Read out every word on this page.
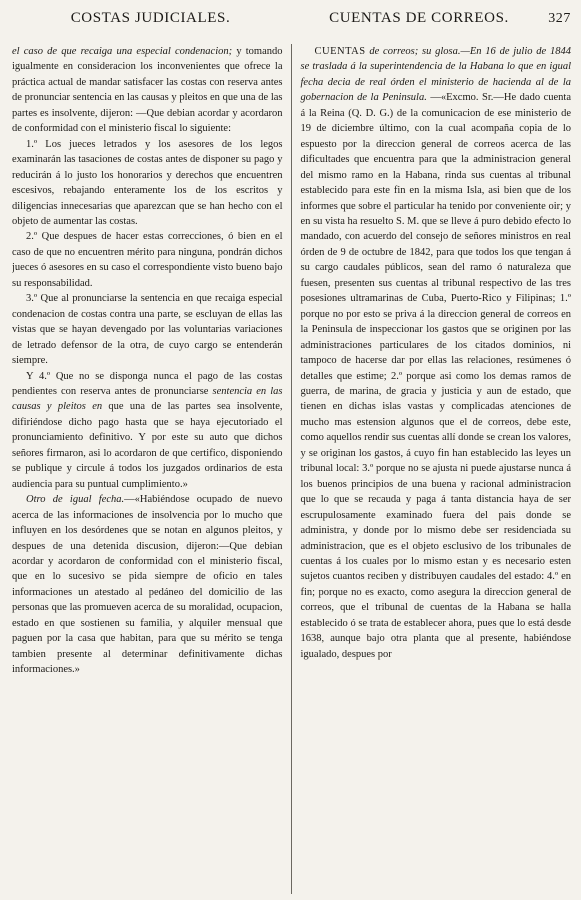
COSTAS JUDICIALES.	CUENTAS DE CORREOS.	327

el caso de que recaiga una especial condenacion; y tomando igualmente en consideracion los inconvenientes que ofrece la práctica actual de mandar satisfacer las costas con reserva antes de pronunciar sentencia en las causas y pleitos en que una de las partes es insolvente, dijeron: —Que debian acordar y acordaron de conformidad con el ministerio fiscal lo siguiente:

1.º Los jueces letrados y los asesores de los legos examinarán las tasaciones de costas antes de disponer su pago y reducirán á lo justo los honorarios y derechos que encuentren escesivos, rebajando enteramente los de los escritos y diligencias innecesarias que aparezcan que se han hecho con el objeto de aumentar las costas.

2.º Que despues de hacer estas correcciones, ó bien en el caso de que no encuentren mérito para ninguna, pondrán dichos jueces ó asesores en su caso el correspondiente visto bueno bajo su responsabilidad.

3.º Que al pronunciarse la sentencia en que recaiga especial condenacion de costas contra una parte, se escluyan de ellas las vistas que se hayan devengado por las voluntarias variaciones de letrado defensor de la otra, de cuyo cargo se entenderán siempre.

Y 4.º Que no se disponga nunca el pago de las costas pendientes con reserva antes de pronunciarse sentencia en las causas y pleitos en que una de las partes sea insolvente, difiriéndose dicho pago hasta que se haya ejecutoriado el pronunciamiento definitivo. Y por este su auto que dichos señores firmaron, asi lo acordaron de que certifico, disponiendo se publique y circule á todos los juzgados ordinarios de esta audiencia para su puntual cumplimiento.»

Otro de igual fecha.—«Habiéndose ocupado de nuevo acerca de las informaciones de insolvencia por lo mucho que influyen en los desórdenes que se notan en algunos pleitos, y despues de una detenida discusion, dijeron:—Que debian acordar y acordaron de conformidad con el ministerio fiscal, que en lo sucesivo se pida siempre de oficio en tales informaciones un atestado al pedáneo del domicilio de las personas que las promueven acerca de su moralidad, ocupacion, estado en que sostienen su familia, y alquiler mensual que paguen por la casa que habitan, para que su mérito se tenga tambien presente al determinar definitivamente dichas informaciones.»

CUENTAS de correos; su glosa.—En 16 de julio de 1844 se traslada á la superintendencia de la Habana lo que en igual fecha decia de real órden el ministerio de hacienda al de la gobernacion de la Peninsula. —«Excmo. Sr.—He dado cuenta á la Reina (Q. D. G.) de la comunicacion de ese ministerio de 19 de diciembre último, con la cual acompaña copia de lo espuesto por la direccion general de correos acerca de las dificultades que encuentra para que la administracion general del mismo ramo en la Habana, rinda sus cuentas al tribunal establecido para este fin en la misma Isla, asi bien que de los informes que sobre el particular ha tenido por conveniente oir; y en su vista ha resuelto S. M. que se lleve á puro debido efecto lo mandado, con acuerdo del consejo de señores ministros en real órden de 9 de octubre de 1842, para que todos los que tengan á su cargo caudales públicos, sean del ramo ó naturaleza que fuesen, presenten sus cuentas al tribunal respectivo de las tres posesiones ultramarinas de Cuba, Puerto-Rico y Filipinas; 1.º porque no por esto se priva á la direccion general de correos en la Peninsula de inspeccionar los gastos que se originen por las administraciones particulares de los citados dominios, ni tampoco de hacerse dar por ellas las relaciones, resúmenes ó detalles que estime; 2.º porque asi como los demas ramos de guerra, de marina, de gracia y justicia y aun de estado, que tienen en dichas islas vastas y complicadas atenciones de mucho mas estension algunos que el de correos, debe este, como aquellos rendir sus cuentas allí donde se crean los valores, y se originan los gastos, á cuyo fin han establecido las leyes un tribunal local: 3.º porque no se ajusta ni puede ajustarse nunca á los buenos principios de una buena y racional administracion que lo que se recauda y paga á tanta distancia haya de ser escrupulosamente examinado fuera del pais donde se administra, y donde por lo mismo debe ser residenciada su administracion, que es el objeto esclusivo de los tribunales de cuentas á los cuales por lo mismo estan y es necesario esten sujetos cuantos reciben y distribuyen caudales del estado: 4.º en fin; porque no es exacto, como asegura la direccion general de correos, que el tribunal de cuentas de la Habana se halla establecido ó se trata de establecer ahora, pues que lo está desde 1638, aunque bajo otra planta que al presente, habiéndose igualado, despues por
